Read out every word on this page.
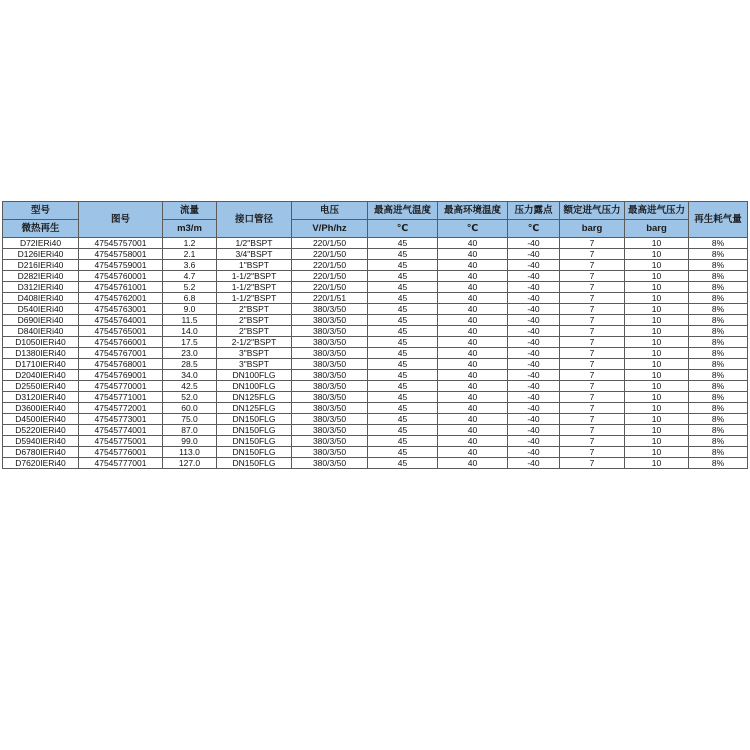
型号	图号	流量	接口管径	电压	最高进气温度	最高环境温度	压力露点	额定进气压力	最高进气压力	再生耗气量
微热再生		m3/m		V/Ph/hz	℃	℃	℃	barg	barg	
D72IERi40	47545757001	1.2	1/2"BSPT	220/1/50	45	40	-40	7	10	8%
D126IERi40	47545758001	2.1	3/4"BSPT	220/1/50	45	40	-40	7	10	8%
D216IERi40	47545759001	3.6	1"BSPT	220/1/50	45	40	-40	7	10	8%
D282IERi40	47545760001	4.7	1-1/2"BSPT	220/1/50	45	40	-40	7	10	8%
D312IERi40	47545761001	5.2	1-1/2"BSPT	220/1/50	45	40	-40	7	10	8%
D408IERi40	47545762001	6.8	1-1/2"BSPT	220/1/51	45	40	-40	7	10	8%
D540IERi40	47545763001	9.0	2"BSPT	380/3/50	45	40	-40	7	10	8%
D690IERi40	47545764001	11.5	2"BSPT	380/3/50	45	40	-40	7	10	8%
D840IERi40	47545765001	14.0	2"BSPT	380/3/50	45	40	-40	7	10	8%
D1050IERi40	47545766001	17.5	2-1/2"BSPT	380/3/50	45	40	-40	7	10	8%
D1380IERi40	47545767001	23.0	3"BSPT	380/3/50	45	40	-40	7	10	8%
D1710IERi40	47545768001	28.5	3"BSPT	380/3/50	45	40	-40	7	10	8%
D2040IERi40	47545769001	34.0	DN100FLG	380/3/50	45	40	-40	7	10	8%
D2550IERi40	47545770001	42.5	DN100FLG	380/3/50	45	40	-40	7	10	8%
D3120IERi40	47545771001	52.0	DN125FLG	380/3/50	45	40	-40	7	10	8%
D3600IERi40	47545772001	60.0	DN125FLG	380/3/50	45	40	-40	7	10	8%
D4500IERi40	47545773001	75.0	DN150FLG	380/3/50	45	40	-40	7	10	8%
D5220IERi40	47545774001	87.0	DN150FLG	380/3/50	45	40	-40	7	10	8%
D5940IERi40	47545775001	99.0	DN150FLG	380/3/50	45	40	-40	7	10	8%
D6780IERi40	47545776001	113.0	DN150FLG	380/3/50	45	40	-40	7	10	8%
D7620IERi40	47545777001	127.0	DN150FLG	380/3/50	45	40	-40	7	10	8%
